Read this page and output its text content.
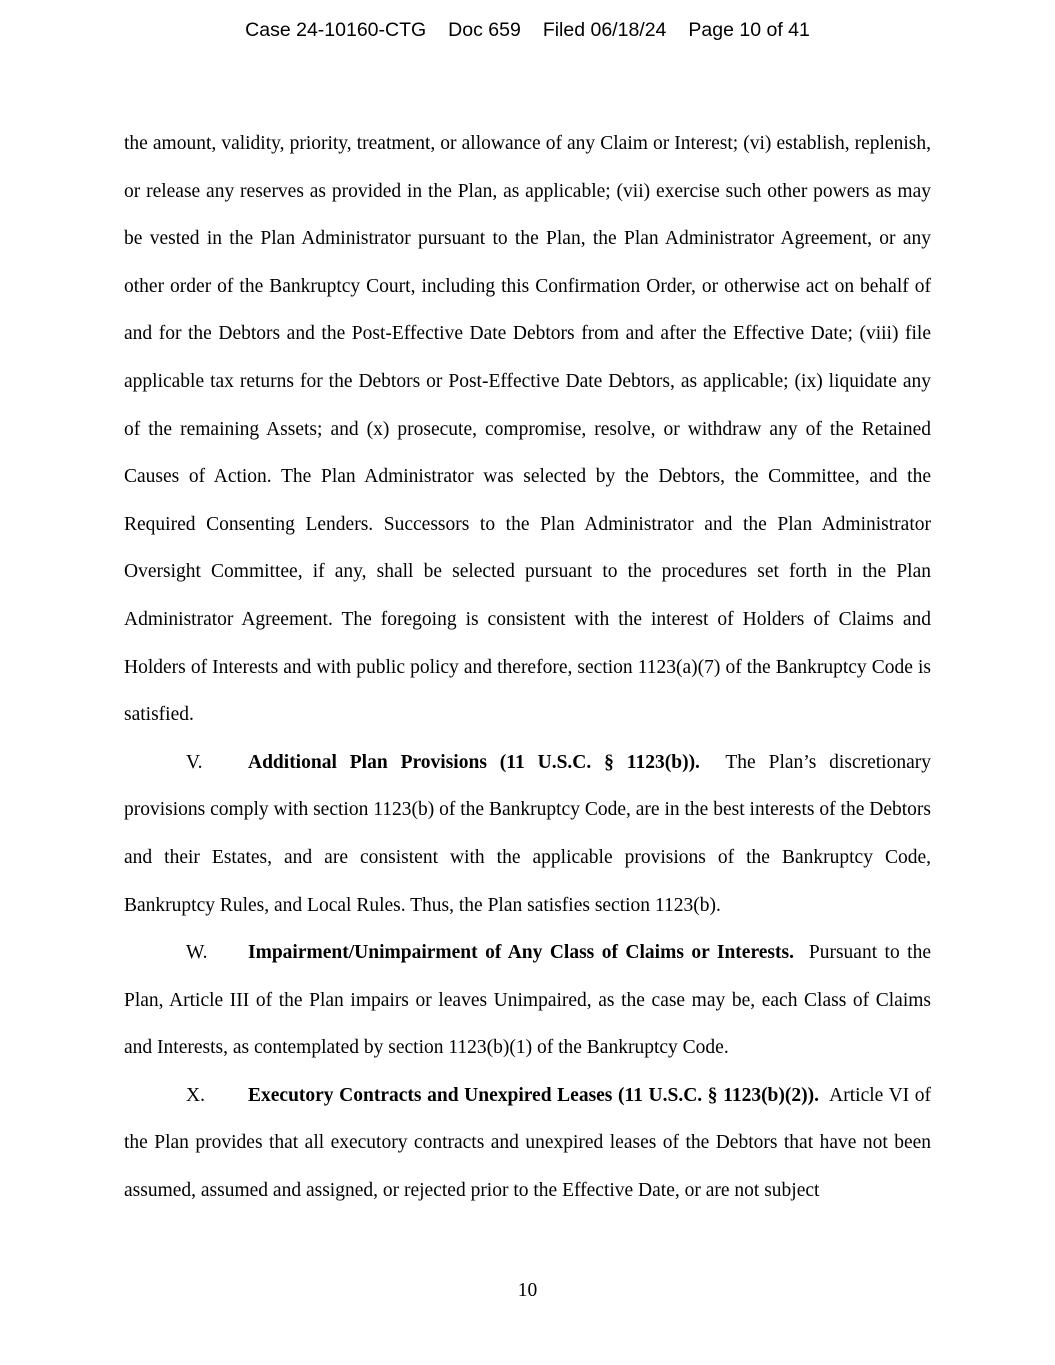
Case 24-10160-CTG Doc 659 Filed 06/18/24 Page 10 of 41

the amount, validity, priority, treatment, or allowance of any Claim or Interest; (vi) establish, replenish, or release any reserves as provided in the Plan, as applicable; (vii) exercise such other powers as may be vested in the Plan Administrator pursuant to the Plan, the Plan Administrator Agreement, or any other order of the Bankruptcy Court, including this Confirmation Order, or otherwise act on behalf of and for the Debtors and the Post-Effective Date Debtors from and after the Effective Date; (viii) file applicable tax returns for the Debtors or Post-Effective Date Debtors, as applicable; (ix) liquidate any of the remaining Assets; and (x) prosecute, compromise, resolve, or withdraw any of the Retained Causes of Action. The Plan Administrator was selected by the Debtors, the Committee, and the Required Consenting Lenders. Successors to the Plan Administrator and the Plan Administrator Oversight Committee, if any, shall be selected pursuant to the procedures set forth in the Plan Administrator Agreement. The foregoing is consistent with the interest of Holders of Claims and Holders of Interests and with public policy and therefore, section 1123(a)(7) of the Bankruptcy Code is satisfied.

V. Additional Plan Provisions (11 U.S.C. § 1123(b)). The Plan’s discretionary provisions comply with section 1123(b) of the Bankruptcy Code, are in the best interests of the Debtors and their Estates, and are consistent with the applicable provisions of the Bankruptcy Code, Bankruptcy Rules, and Local Rules. Thus, the Plan satisfies section 1123(b).

W. Impairment/Unimpairment of Any Class of Claims or Interests. Pursuant to the Plan, Article III of the Plan impairs or leaves Unimpaired, as the case may be, each Class of Claims and Interests, as contemplated by section 1123(b)(1) of the Bankruptcy Code.

X. Executory Contracts and Unexpired Leases (11 U.S.C. § 1123(b)(2)). Article VI of the Plan provides that all executory contracts and unexpired leases of the Debtors that have not been assumed, assumed and assigned, or rejected prior to the Effective Date, or are not subject

10
